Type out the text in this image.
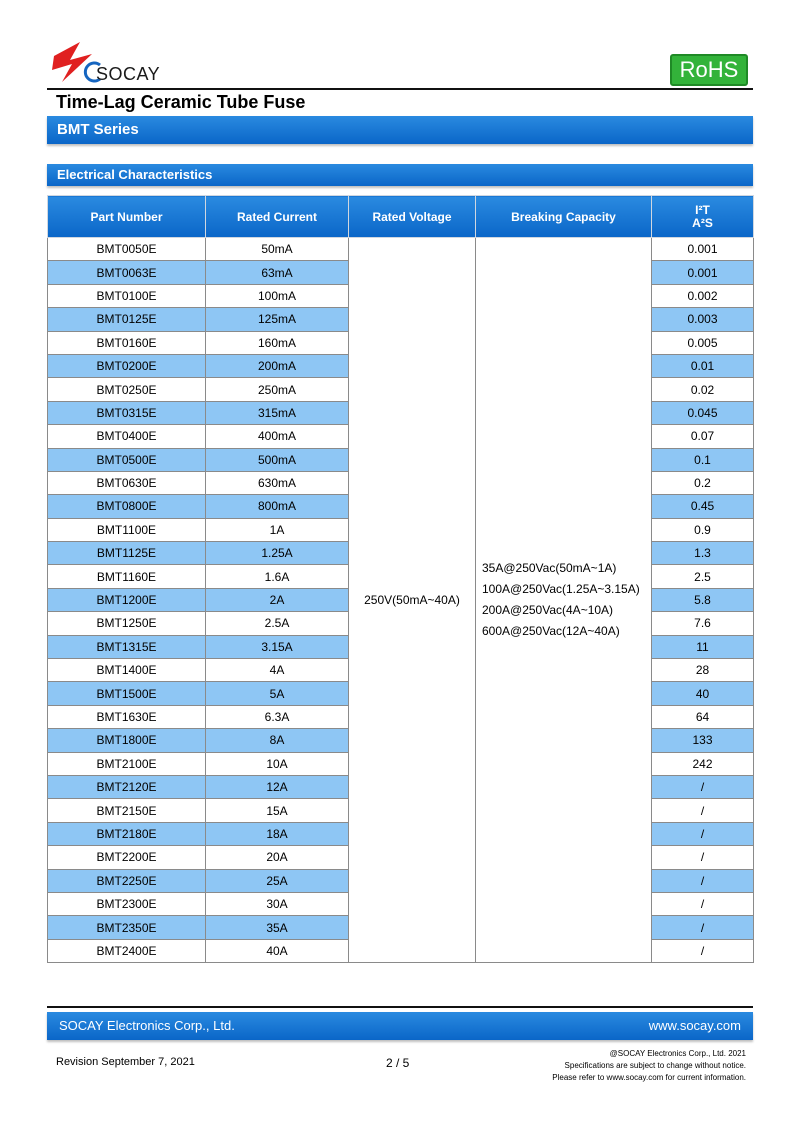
SOCAY	RoHS
Time-Lag Ceramic Tube Fuse
BMT Series
Electrical Characteristics
Part Number	Rated Current	Rated Voltage	Breaking Capacity	I²T
A²S

BMT0050E	50mA	250V(50mA~40A)	35A@250Vac(50mA~1A)
100A@250Vac(1.25A~3.15A)
200A@250Vac(4A~10A)
600A@250Vac(12A~40A)	0.001
BMT0063E	63mA			0.001
BMT0100E	100mA			0.002
BMT0125E	125mA			0.003
BMT0160E	160mA			0.005
BMT0200E	200mA			0.01
BMT0250E	250mA			0.02
BMT0315E	315mA			0.045
BMT0400E	400mA			0.07
BMT0500E	500mA			0.1
BMT0630E	630mA			0.2
BMT0800E	800mA			0.45
BMT1100E	1A			0.9
BMT1125E	1.25A			1.3
BMT1160E	1.6A			2.5
BMT1200E	2A			5.8
BMT1250E	2.5A			7.6
BMT1315E	3.15A			11
BMT1400E	4A			28
BMT1500E	5A			40
BMT1630E	6.3A			64
BMT1800E	8A			133
BMT2100E	10A			242
BMT2120E	12A			/
BMT2150E	15A			/
BMT2180E	18A			/
BMT2200E	20A			/
BMT2250E	25A			/
BMT2300E	30A			/
BMT2350E	35A			/
BMT2400E	40A			/
SOCAY Electronics Corp., Ltd.	www.socay.com
Revision September 7, 2021	2 / 5
@SOCAY Electronics Corp., Ltd. 2021
Specifications are subject to change without notice.
Please refer to www.socay.com for current information.
